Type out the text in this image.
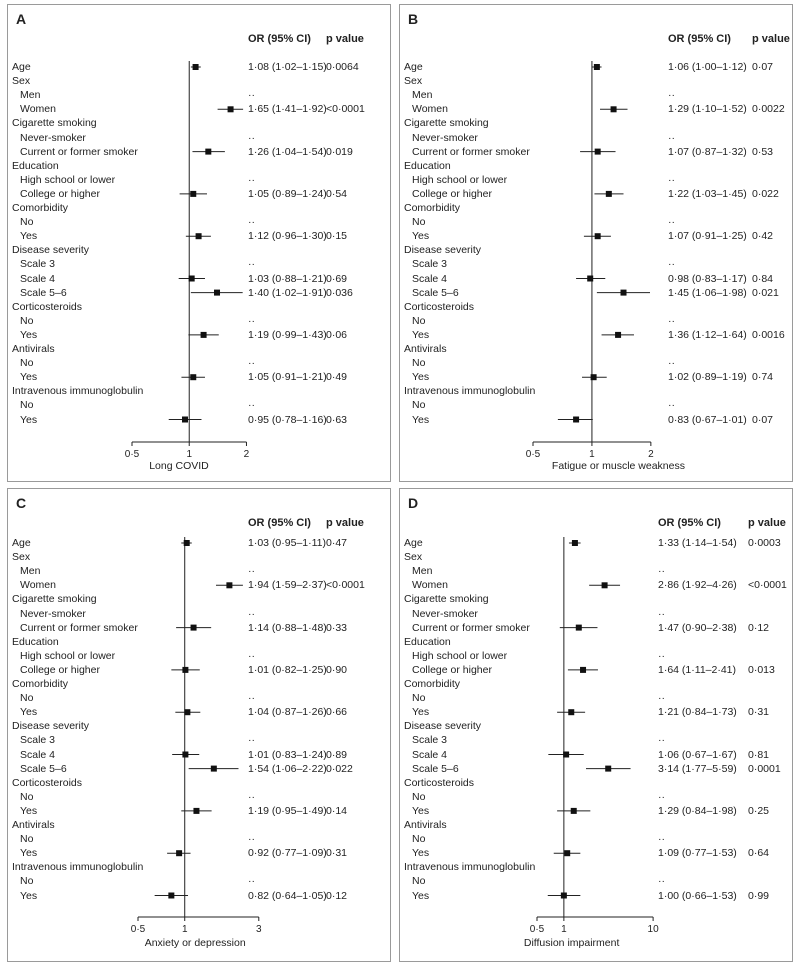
A
OR (95% CI) p value
0·5	1	2
Long COVID
Age	1·08 (1·02–1·15) 0·0064
Sex
Men	··
Women	1·65 (1·41–1·92) <0·0001
Cigarette smoking
Never-smoker	··
Current or former smoker	1·26 (1·04–1·54) 0·019
Education
High school or lower	··
College or higher	1·05 (0·89–1·24) 0·54
Comorbidity
No	··
Yes	1·12 (0·96–1·30) 0·15
Disease severity
Scale 3	··
Scale 4	1·03 (0·88–1·21) 0·69
Scale 5–6	1·40 (1·02–1·91) 0·036
Corticosteroids
No	··
Yes	1·19 (0·99–1·43) 0·06
Antivirals
No	··
Yes	1·05 (0·91–1·21) 0·49
Intravenous immunoglobulin
No	··
Yes	0·95 (0·78–1·16) 0·63
B
OR (95% CI) p value
0·5	1	2
Fatigue or muscle weakness
Age	1·06 (1·00–1·12) 0·07
Sex
Men	··
Women	1·29 (1·10–1·52) 0·0022
Cigarette smoking
Never-smoker	··
Current or former smoker	1·07 (0·87–1·32) 0·53
Education
High school or lower	··
College or higher	1·22 (1·03–1·45) 0·022
Comorbidity
No	··
Yes	1·07 (0·91–1·25) 0·42
Disease severity
Scale 3	··
Scale 4	0·98 (0·83–1·17) 0·84
Scale 5–6	1·45 (1·06–1·98) 0·021
Corticosteroids
No	··
Yes	1·36 (1·12–1·64) 0·0016
Antivirals
No	··
Yes	1·02 (0·89–1·19) 0·74
Intravenous immunoglobulin
No	··
Yes	0·83 (0·67–1·01) 0·07
C
OR (95% CI) p value
0·5	1	3
Anxiety or depression
Age	1·03 (0·95–1·11) 0·47
Sex
Men	··
Women	1·94 (1·59–2·37) <0·0001
Cigarette smoking
Never-smoker	··
Current or former smoker	1·14 (0·88–1·48) 0·33
Education
High school or lower	··
College or higher	1·01 (0·82–1·25) 0·90
Comorbidity
No	··
Yes	1·04 (0·87–1·26) 0·66
Disease severity
Scale 3	··
Scale 4	1·01 (0·83–1·24) 0·89
Scale 5–6	1·54 (1·06–2·22) 0·022
Corticosteroids
No	··
Yes	1·19 (0·95–1·49) 0·14
Antivirals
No	··
Yes	0·92 (0·77–1·09) 0·31
Intravenous immunoglobulin
No	··
Yes	0·82 (0·64–1·05) 0·12
D
OR (95% CI) p value
0·5 1	10
Diffusion impairment
Age	1·33 (1·14–1·54) 0·0003
Sex
Men	··
Women	2·86 (1·92–4·26) <0·0001
Cigarette smoking
Never-smoker	··
Current or former smoker	1·47 (0·90–2·38) 0·12
Education
High school or lower	··
College or higher	1·64 (1·11–2·41) 0·013
Comorbidity
No	··
Yes	1·21 (0·84–1·73) 0·31
Disease severity
Scale 3	··
Scale 4	1·06 (0·67–1·67) 0·81
Scale 5–6	3·14 (1·77–5·59) 0·0001
Corticosteroids
No	··
Yes	1·29 (0·84–1·98) 0·25
Antivirals
No	··
Yes	1·09 (0·77–1·53) 0·64
Intravenous immunoglobulin
No	··
Yes	1·00 (0·66–1·53) 0·99
